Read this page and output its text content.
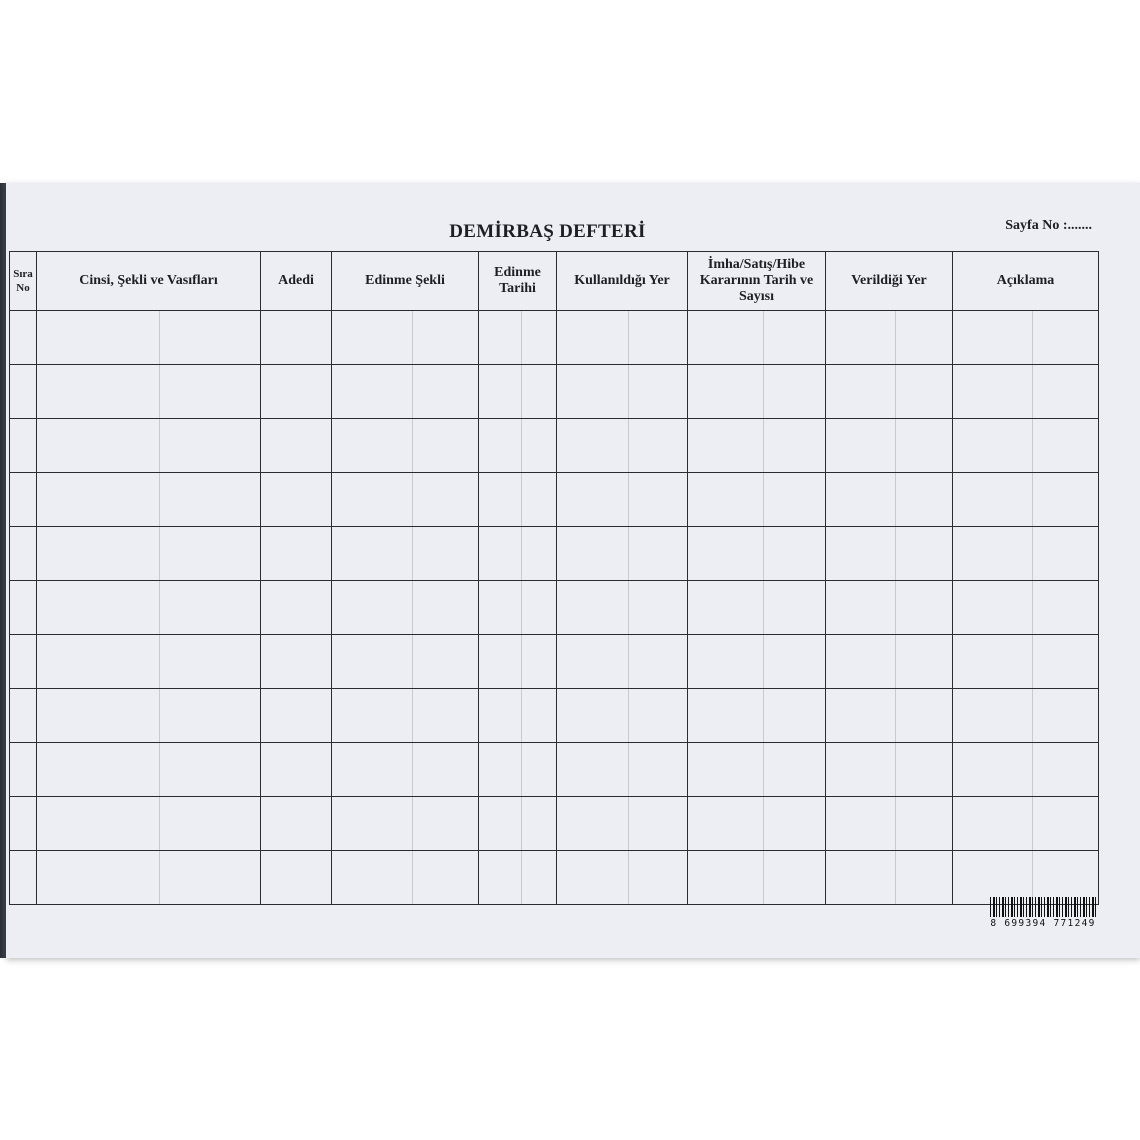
DEMİRBAŞ DEFTERİ	Sayfa No :.......
Sıra No	Cinsi, Şekli ve Vasıfları	Adedi	Edinme Şekli	Edinme Tarihi	Kullanıldığı Yer	İmha/Satış/Hibe Kararının Tarih ve Sayısı	Verildiği Yer	Açıklama

8 699394 771249
